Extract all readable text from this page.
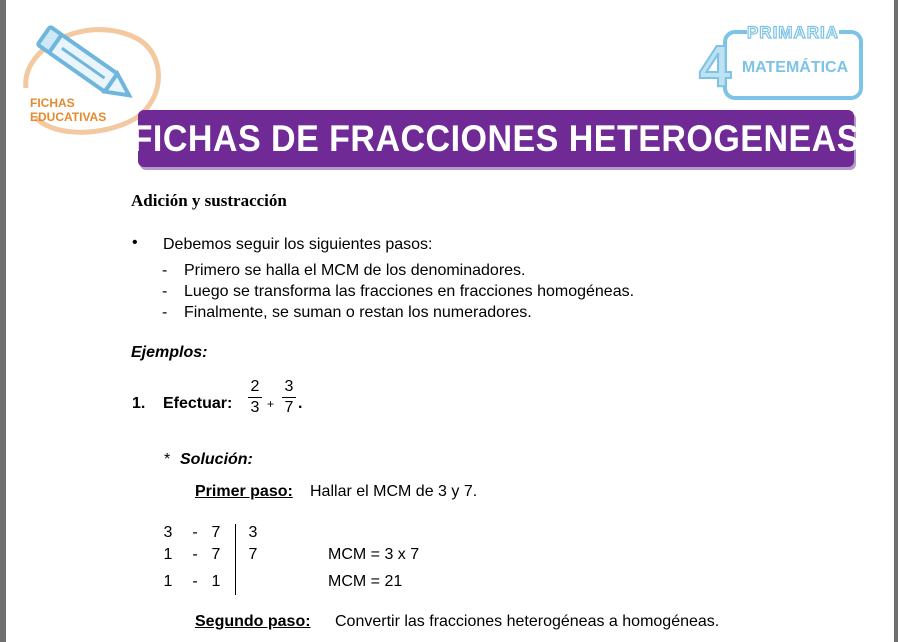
FICHAS
EDUCATIVAS
4
PRIMARIA
MATEMÁTICA
FICHAS DE FRACCIONES HETEROGENEAS
Adición y sustracción
• Debemos seguir los siguientes pasos:
- Primero se halla el MCM de los denominadores.
- Luego se transforma las fracciones en fracciones homogéneas.
- Finalmente, se suman o restan los numeradores.
Ejemplos:
1. Efectuar:
2
3 +
3
7 .
* Solución:
Primer paso: Hallar el MCM de 3 y 7.
3 - 7 3
1 - 7 7
1 - 1
MCM = 3 x 7
MCM = 21
Segundo paso: Convertir las fracciones heterogéneas a homogéneas.
